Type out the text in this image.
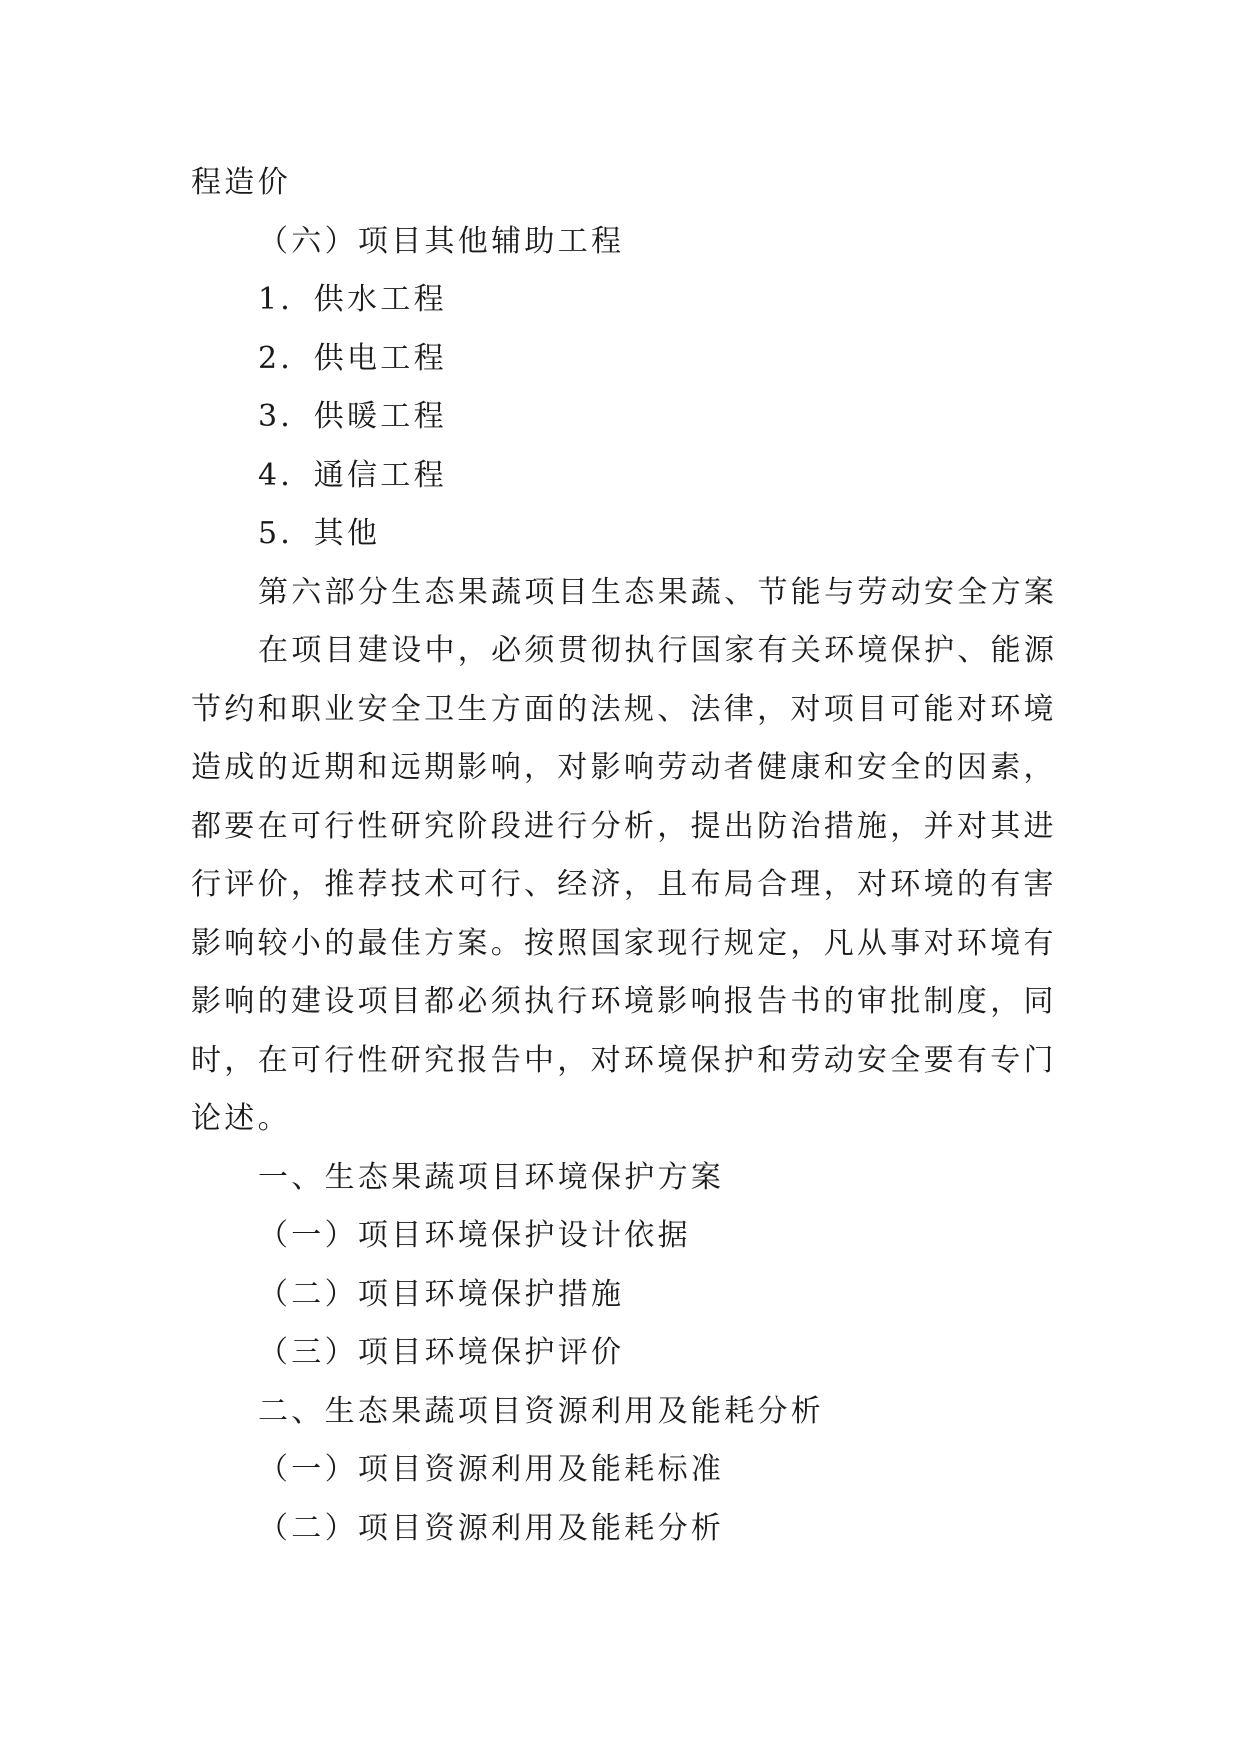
程造价
（六）项目其他辅助工程
1．供水工程
2．供电工程
3．供暖工程
4．通信工程
5．其他
第六部分生态果蔬项目生态果蔬、节能与劳动安全方案
在项目建设中，必须贯彻执行国家有关环境保护、能源
节约和职业安全卫生方面的法规、法律，对项目可能对环境
造成的近期和远期影响，对影响劳动者健康和安全的因素，
都要在可行性研究阶段进行分析，提出防治措施，并对其进
行评价，推荐技术可行、经济，且布局合理，对环境的有害
影响较小的最佳方案。按照国家现行规定，凡从事对环境有
影响的建设项目都必须执行环境影响报告书的审批制度，同
时，在可行性研究报告中，对环境保护和劳动安全要有专门
论述。
一、生态果蔬项目环境保护方案
（一）项目环境保护设计依据
（二）项目环境保护措施
（三）项目环境保护评价
二、生态果蔬项目资源利用及能耗分析
（一）项目资源利用及能耗标准
（二）项目资源利用及能耗分析
